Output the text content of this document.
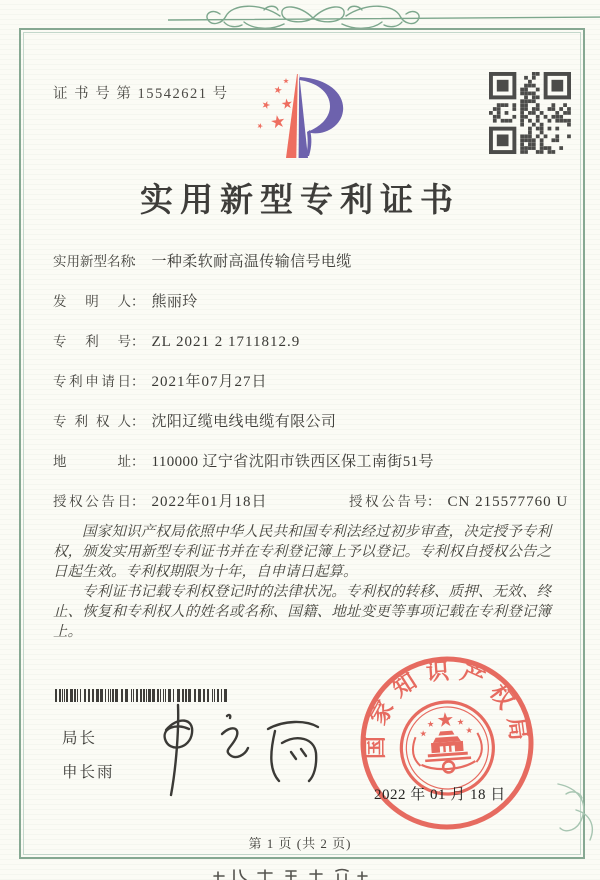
证 书 号 第 15542621 号
实用新型专利证书
实用新型名称
： 一种柔软耐高温传输信号电缆
发明人 ： 熊丽玲
专利号 ： ZL 2021 2 1711812.9
专利申请日 ： 2021年07月27日
专利权人 ： 沈阳辽缆电线电缆有限公司
地址 ： 110000 辽宁省沈阳市铁西区保工南街51号
授权公告日 ： 2022年01月18日	授权公告号 ： CN 215577760 U

国家知识产权局依照中华人民共和国专利法经过初步审查，决定授予专利权，颁发实用新型专利证书并在专利登记簿上予以登记。专利权自授权公告之日起生效。专利权期限为十年，自申请日起算。

专利证书记载专利权登记时的法律状况。专利权的转移、质押、无效、终止、恢复和专利权人的姓名或名称、国籍、地址变更等事项记载在专利登记簿上。

局长
申长雨
国家知识产权局
2022 年 01 月 18 日
第 1 页 (共 2 页)
